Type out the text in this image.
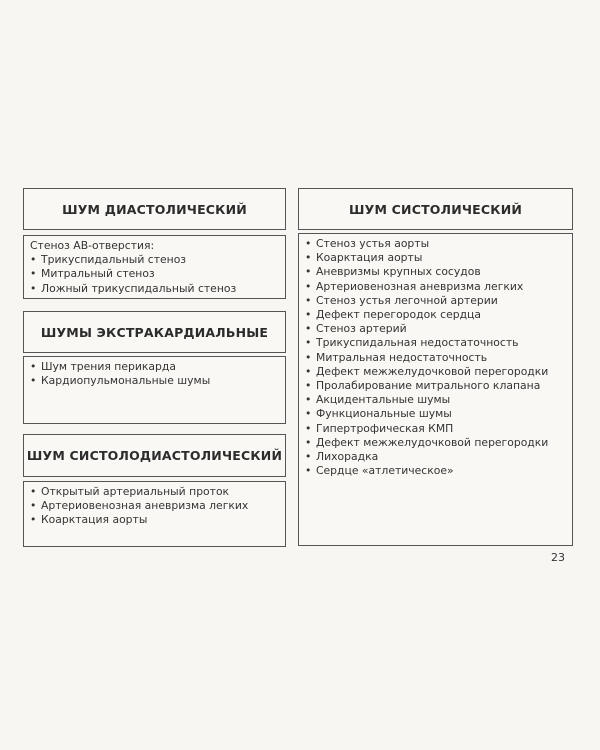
ШУМ ДИАСТОЛИЧЕСКИЙ
Стеноз АВ-отверстия:
• Трикуспидальный стеноз
• Митральный стеноз
• Ложный трикуспидальный стеноз
ШУМЫ ЭКСТРАКАРДИАЛЬНЫЕ
• Шум трения перикарда
• Кардиопульмональные шумы
ШУМ СИСТОЛОДИАСТОЛИЧЕСКИЙ
• Открытый артериальный проток
• Артериовенозная аневризма легких
• Коарктация аорты
ШУМ СИСТОЛИЧЕСКИЙ
• Стеноз устья аорты
• Коарктация аорты
• Аневризмы крупных сосудов
• Артериовенозная аневризма легких
• Стеноз устья легочной артерии
• Дефект перегородок сердца
• Стеноз артерий
• Трикуспидальная недостаточность
• Митральная недостаточность
• Дефект межжелудочковой перегородки
• Пролабирование митрального клапана
• Акцидентальные шумы
• Функциональные шумы
• Гипертрофическая КМП
• Дефект межжелудочковой перегородки
• Лихорадка
• Сердце «атлетическое»
23
